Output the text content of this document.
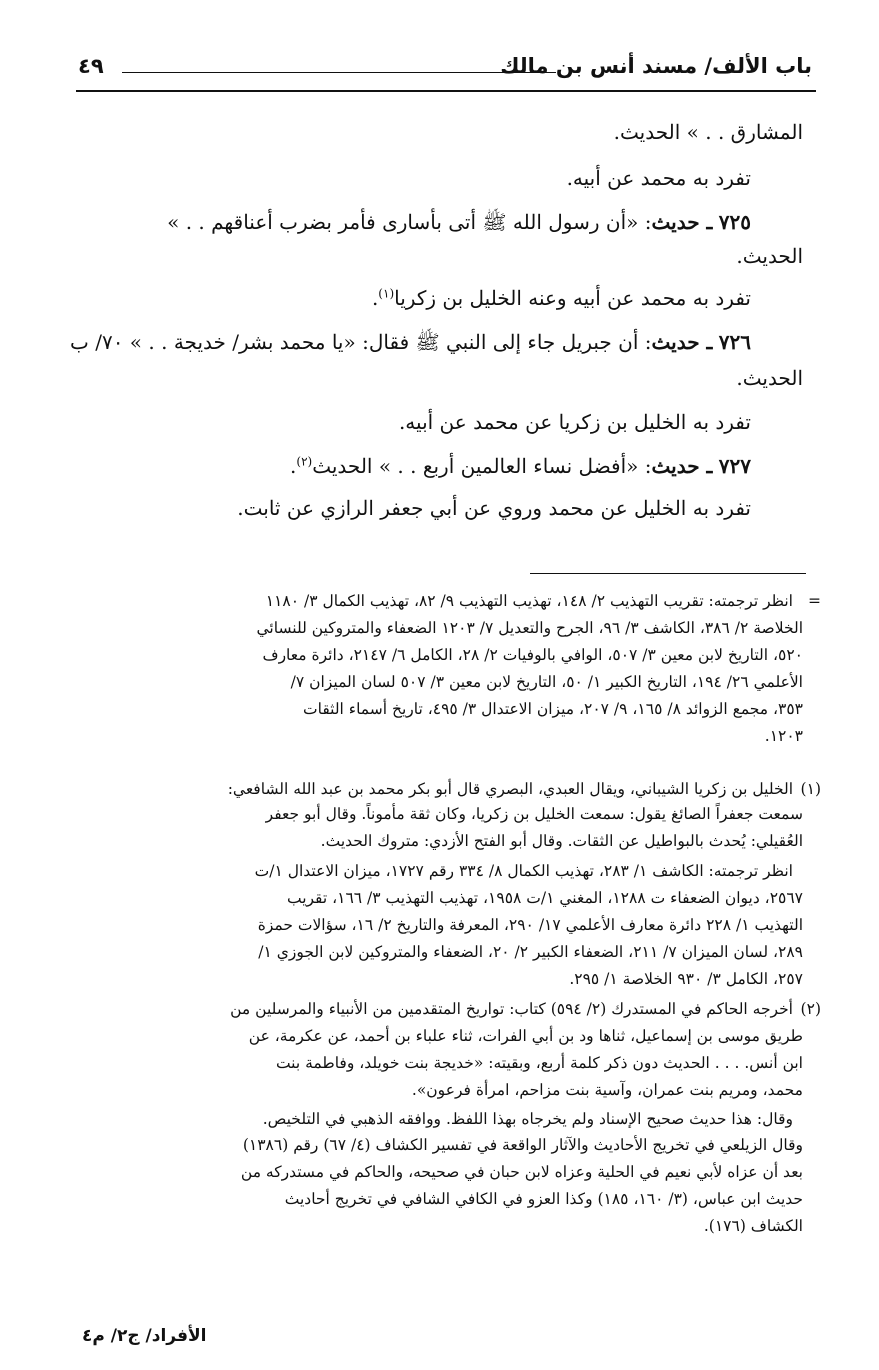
باب الألف/ مسند أنس بن مالك
٤٩
المشارق . . » الحديث.
تفرد به محمد عن أبيه.
٧٢٥ ـ حديث: «أن رسول الله ﷺ أتى بأسارى فأمر بضرب أعناقهم . . »
الحديث.
تفرد به محمد عن أبيه وعنه الخليل بن زكريا$^{(١)}$.
٧٢٦ ـ حديث: أن جبريل جاء إلى النبي ﷺ فقال: «يا محمد بشر/ خديجة . . » ٧٠/ ب
الحديث.
تفرد به الخليل بن زكريا عن محمد عن أبيه.
٧٢٧ ـ حديث: «أفضل نساء العالمين أربع . . » الحديث$^{(٢)}$.
تفرد به الخليل عن محمد وروي عن أبي جعفر الرازي عن ثابت.
=
انظر ترجمته: تقريب التهذيب ٢/ ١٤٨، تهذيب التهذيب ٩/ ٨٢، تهذيب الكمال ٣/ ١١٨٠
الخلاصة ٢/ ٣٨٦، الكاشف ٣/ ٩٦، الجرح والتعديل ٧/ ١٢٠٣ الضعفاء والمتروكين للنسائي
٥٢٠، التاريخ لابن معين ٣/ ٥٠٧، الوافي بالوفيات ٢/ ٢٨، الكامل ٦/ ٢١٤٧، دائرة معارف
الأعلمي ٢٦/ ١٩٤، التاريخ الكبير ١/ ٥٠، التاريخ لابن معين ٣/ ٥٠٧ لسان الميزان ٧/
٣٥٣، مجمع الزوائد ٨/ ١٦٥، ٩/ ٢٠٧، ميزان الاعتدال ٣/ ٤٩٥، تاريخ أسماء الثقات
١٢٠٣.
(١)
الخليل بن زكريا الشيباني، ويقال العبدي، البصري قال أبو بكر محمد بن عبد الله الشافعي:
سمعت جعفراً الصائغ يقول: سمعت الخليل بن زكريا، وكان ثقة مأموناً. وقال أبو جعفر
العُقيلي: يُحدث بالبواطيل عن الثقات. وقال أبو الفتح الأزدي: متروك الحديث.
انظر ترجمته: الكاشف ١/ ٢٨٣، تهذيب الكمال ٨/ ٣٣٤ رقم ١٧٢٧، ميزان الاعتدال ١/ت
٢٥٦٧، ديوان الضعفاء ت ١٢٨٨، المغني ١/ت ١٩٥٨، تهذيب التهذيب ٣/ ١٦٦، تقريب
التهذيب ١/ ٢٢٨ دائرة معارف الأعلمي ١٧/ ٢٩٠، المعرفة والتاريخ ٢/ ١٦، سؤالات حمزة
٢٨٩، لسان الميزان ٧/ ٢١١، الضعفاء الكبير ٢/ ٢٠، الضعفاء والمتروكين لابن الجوزي ١/
٢٥٧، الكامل ٣/ ٩٣٠ الخلاصة ١/ ٢٩٥.
(٢)
أخرجه الحاكم في المستدرك (٢/ ٥٩٤) كتاب: تواريخ المتقدمين من الأنبياء والمرسلين من
طريق موسى بن إسماعيل، ثناها ود بن أبي الفرات، ثناء علباء بن أحمد، عن عكرمة، عن
ابن أنس. . . . الحديث دون ذكر كلمة أربع، وبقيته: «خديجة بنت خويلد، وفاطمة بنت
محمد، ومريم بنت عمران، وآسية بنت مزاحم، امرأة فرعون».
وقال: هذا حديث صحيح الإسناد ولم يخرجاه بهذا اللفظ. ووافقه الذهبي في التلخيص.
وقال الزيلعي في تخريج الأحاديث والآثار الواقعة في تفسير الكشاف (٤/ ٦٧) رقم (١٣٨٦)
بعد أن عزاه لأبي نعيم في الحلية وعزاه لابن حبان في صحيحه، والحاكم في مستدركه من
حديث ابن عباس، (٣/ ١٦٠، ١٨٥) وكذا العزو في الكافي الشافي في تخريج أحاديث
الكشاف (١٧٦).
الأفراد/ ج٢/ م٤
